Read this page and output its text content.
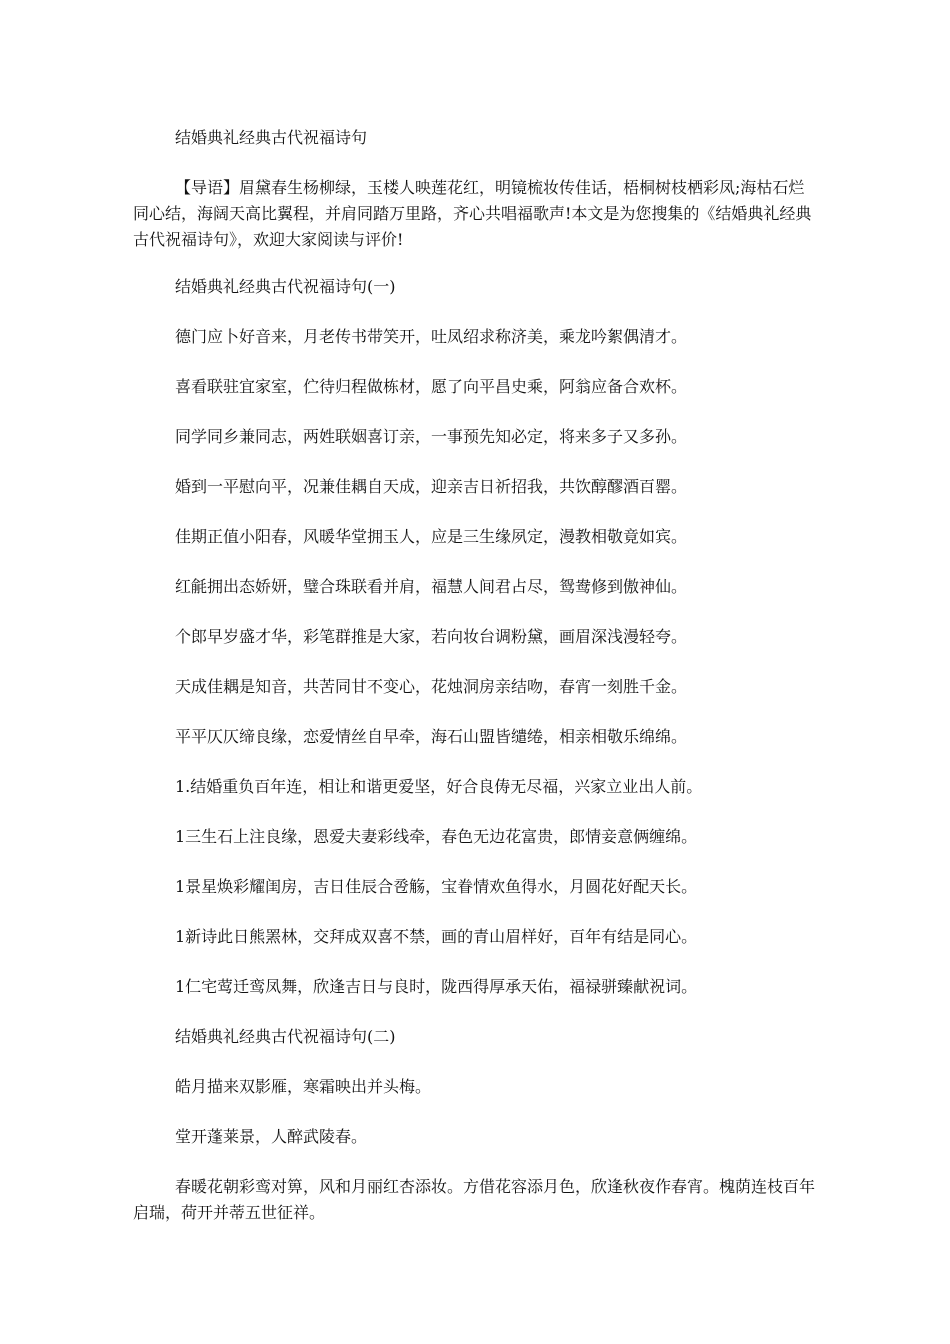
结婚典礼经典古代祝福诗句

【导语】眉黛春生杨柳绿，玉楼人映莲花红，明镜梳妆传佳话，梧桐树枝栖彩凤;海枯石烂同心结，海阔天高比翼程，并肩同踏万里路，齐心共唱福歌声!本文是为您搜集的《结婚典礼经典古代祝福诗句》，欢迎大家阅读与评价!

结婚典礼经典古代祝福诗句(一)

德门应卜好音来，月老传书带笑开，吐凤绍求称济美，乘龙吟絮偶清才。

喜看联驻宜家室，伫待归程做栋材，愿了向平昌史乘，阿翁应备合欢杯。

同学同乡兼同志，两姓联姻喜订亲，一事预先知必定，将来多子又多孙。

婚到一平慰向平，况兼佳耦自天成，迎亲吉日祈招我，共饮醇醪酒百罂。

佳期正值小阳春，风暖华堂拥玉人，应是三生缘夙定，漫教相敬竟如宾。

红毹拥出态娇妍，璧合珠联看并肩，福慧人间君占尽，鸳鸯修到傲神仙。

个郎早岁盛才华，彩笔群推是大家，若向妆台调粉黛，画眉深浅漫轻夸。

天成佳耦是知音，共苦同甘不变心，花烛洞房亲结吻，春宵一刻胜千金。

平平仄仄缔良缘，恋爱情丝自早牵，海石山盟皆缱绻，相亲相敬乐绵绵。

1.结婚重负百年连，相让和谐更爱坚，好合良俦无尽福，兴家立业出人前。

1三生石上注良缘，恩爱夫妻彩线牵，春色无边花富贵，郎情妾意俩缠绵。

1景星焕彩耀闺房，吉日佳辰合卺觞，宝眷情欢鱼得水，月圆花好配天长。

1新诗此日熊罴林，交拜成双喜不禁，画的青山眉样好，百年有结是同心。

1仁宅莺迁鸾凤舞，欣逢吉日与良时，陇西得厚承天佑，福禄骈臻献祝词。

结婚典礼经典古代祝福诗句(二)

皓月描来双影雁，寒霜映出并头梅。

堂开蓬莱景，人醉武陵春。

春暖花朝彩鸾对箅，风和月丽红杏添妆。方借花容添月色，欣逢秋夜作春宵。槐荫连枝百年启瑞，荷开并蒂五世征祥。
